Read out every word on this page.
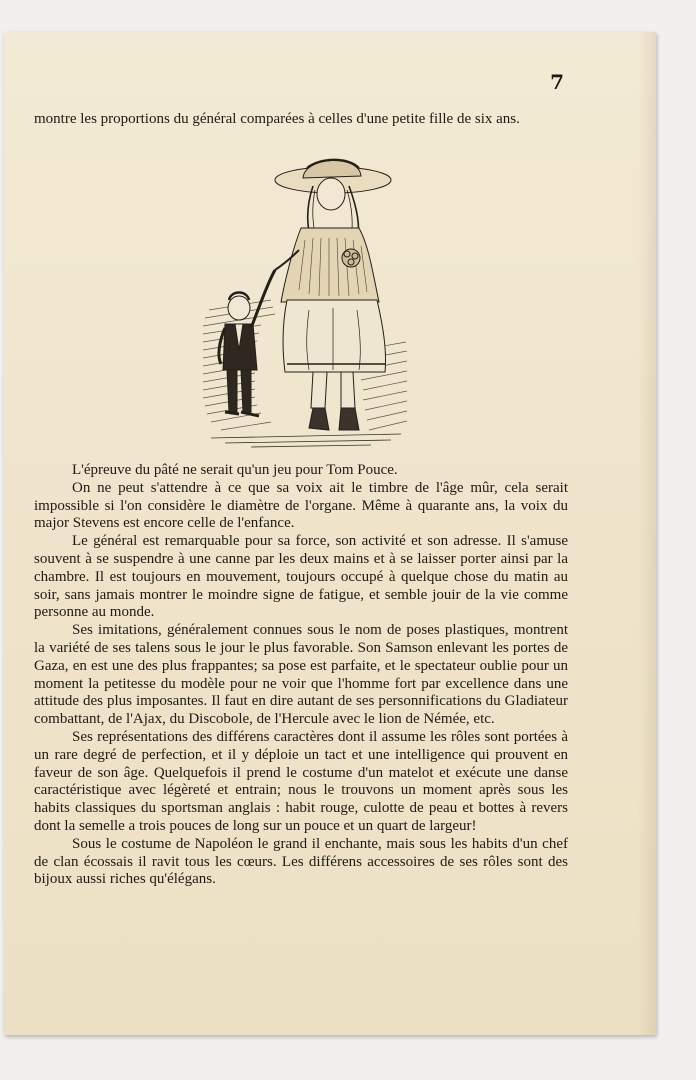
7

montre les proportions du général comparées à celles d'une petite fille de six ans.

L'épreuve du pâté ne serait qu'un jeu pour Tom Pouce.

On ne peut s'attendre à ce que sa voix ait le timbre de l'âge mûr, cela serait impossible si l'on considère le diamètre de l'organe. Même à quarante ans, la voix du major Stevens est encore celle de l'enfance.

Le général est remarquable pour sa force, son activité et son adresse. Il s'amuse souvent à se suspendre à une canne par les deux mains et à se laisser porter ainsi par la chambre. Il est toujours en mouvement, toujours occupé à quelque chose du matin au soir, sans jamais montrer le moindre signe de fatigue, et semble jouir de la vie comme personne au monde.

Ses imitations, généralement connues sous le nom de poses plastiques, montrent la variété de ses talens sous le jour le plus favorable. Son Samson enlevant les portes de Gaza, en est une des plus frappantes; sa pose est parfaite, et le spectateur oublie pour un moment la petitesse du modèle pour ne voir que l'homme fort par excellence dans une attitude des plus imposantes. Il faut en dire autant de ses personnifications du Gladiateur combattant, de l'Ajax, du Discobole, de l'Hercule avec le lion de Némée, etc.

Ses représentations des différens caractères dont il assume les rôles sont portées à un rare degré de perfection, et il y déploie un tact et une intelligence qui prouvent en faveur de son âge. Quelquefois il prend le costume d'un matelot et exécute une danse caractéristique avec légèreté et entrain; nous le trouvons un moment après sous les habits classiques du sportsman anglais : habit rouge, culotte de peau et bottes à revers dont la semelle a trois pouces de long sur un pouce et un quart de largeur!

Sous le costume de Napoléon le grand il enchante, mais sous les habits d'un chef de clan écossais il ravit tous les cœurs. Les différens accessoires de ses rôles sont des bijoux aussi riches qu'élégans.
